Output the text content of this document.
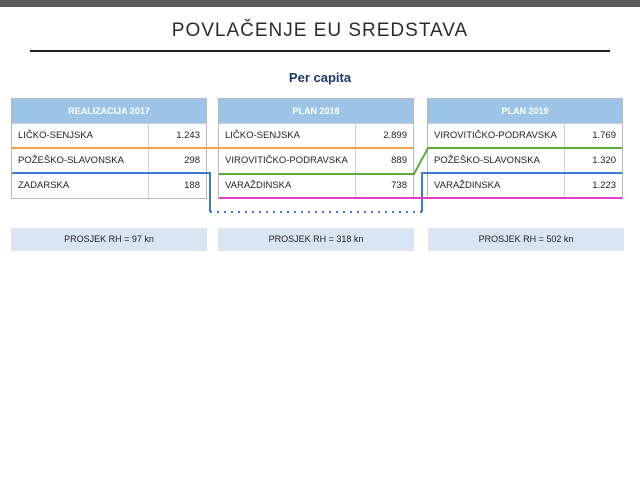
POVLAČENJE EU SREDSTAVA
Per capita
REALIZACIJA 2017
LIČKO-SENJSKA	1.243
POŽEŠKO-SLAVONSKA	298
ZADARSKA	188
PLAN 2018
LIČKO-SENJSKA	2.899
VIROVITIČKO-PODRAVSKA	889
VARAŽDINSKA	738
PLAN 2019
VIROVITIČKO-PODRAVSKA	1.769
POŽEŠKO-SLAVONSKA	1.320
VARAŽDINSKA	1.223
PROSJEK RH = 97 kn	PROSJEK RH = 318 kn	PROSJEK RH = 502 kn
